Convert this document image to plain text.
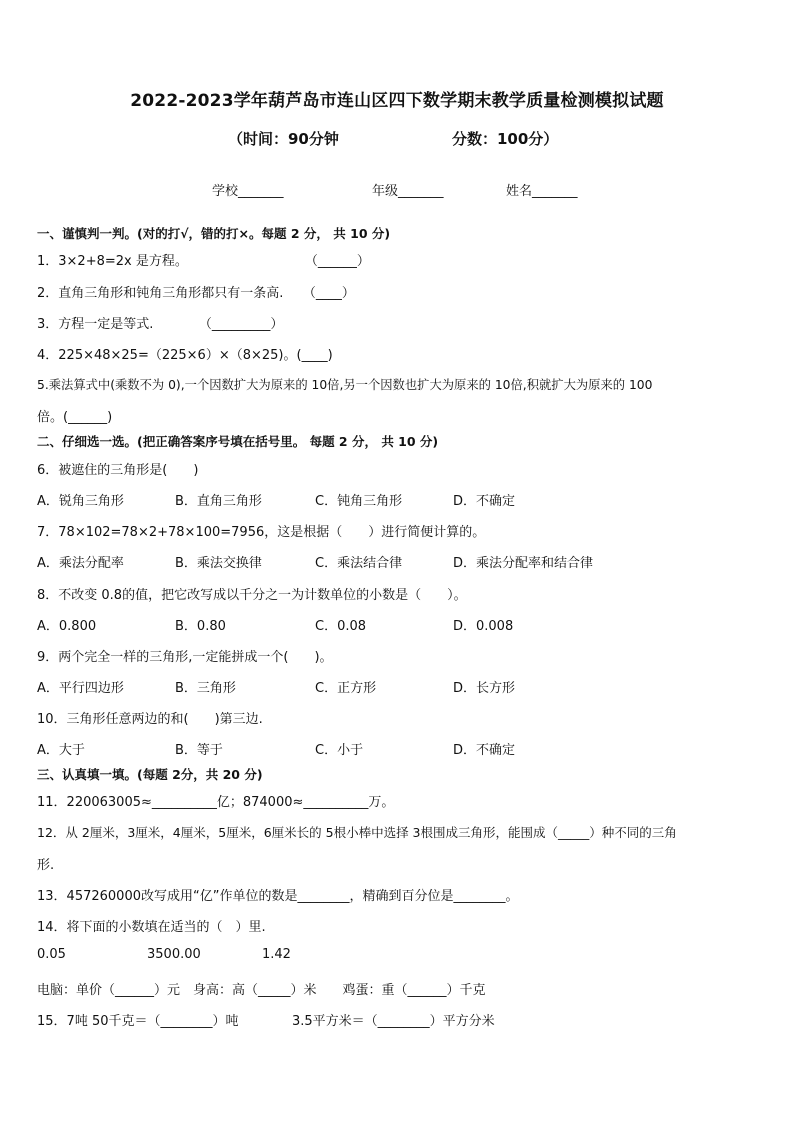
2022-2023学年葫芦岛市连山区四下数学期末教学质量检测模拟试题
（时间：90分钟	分数：100分）
学校_______	年级_______	姓名_______
一、谨慎判一判。(对的打√，错的打×。每题 2 分， 共 10 分)
1．3×2+8=2x 是方程。　　　　　　　　　　（______）
2．直角三角形和钝角三角形都只有一条高.　　（____）
3．方程一定是等式.　　　　（_________）
4．225×48×25=（225×6）×（8×25)。(____)
5.乘法算式中(乘数不为 0),一个因数扩大为原来的 10倍,另一个因数也扩大为原来的 10倍,积就扩大为原来的 100
倍。(______)
二、仔细选一选。(把正确答案序号填在括号里。 每题 2 分， 共 10 分)
6．被遮住的三角形是(　　)
A．锐角三角形	B．直角三角形	C．钝角三角形	D．不确定
7．78×102=78×2+78×100=7956，这是根据（　　）进行简便计算的。
A．乘法分配率	B．乘法交换律	C．乘法结合律	D．乘法分配率和结合律
8．不改变 0.8的值，把它改写成以千分之一为计数单位的小数是（　　）。
A．0.800	B．0.80	C．0.08	D．0.008
9．两个完全一样的三角形,一定能拼成一个(　　)。
A．平行四边形	B．三角形	C．正方形	D．长方形
10．三角形任意两边的和(　　)第三边.
A．大于	B．等于	C．小于	D．不确定
三、认真填一填。(每题 2分，共 20 分)
11．220063005≈__________亿；874000≈__________万。
12．从 2厘米，3厘米，4厘米，5厘米，6厘米长的 5根小棒中选择 3根围成三角形，能围成（_____）种不同的三角
形.
13．457260000改写成用“亿”作单位的数是________，精确到百分位是________。
14．将下面的小数填在适当的（　）里.
0.05	3500.00	1.42
电脑：单价（______）元　身高：高（_____）米　　鸡蛋：重（______）千克
15．7吨 50千克＝（________）吨	3.5平方米＝（________）平方分米
